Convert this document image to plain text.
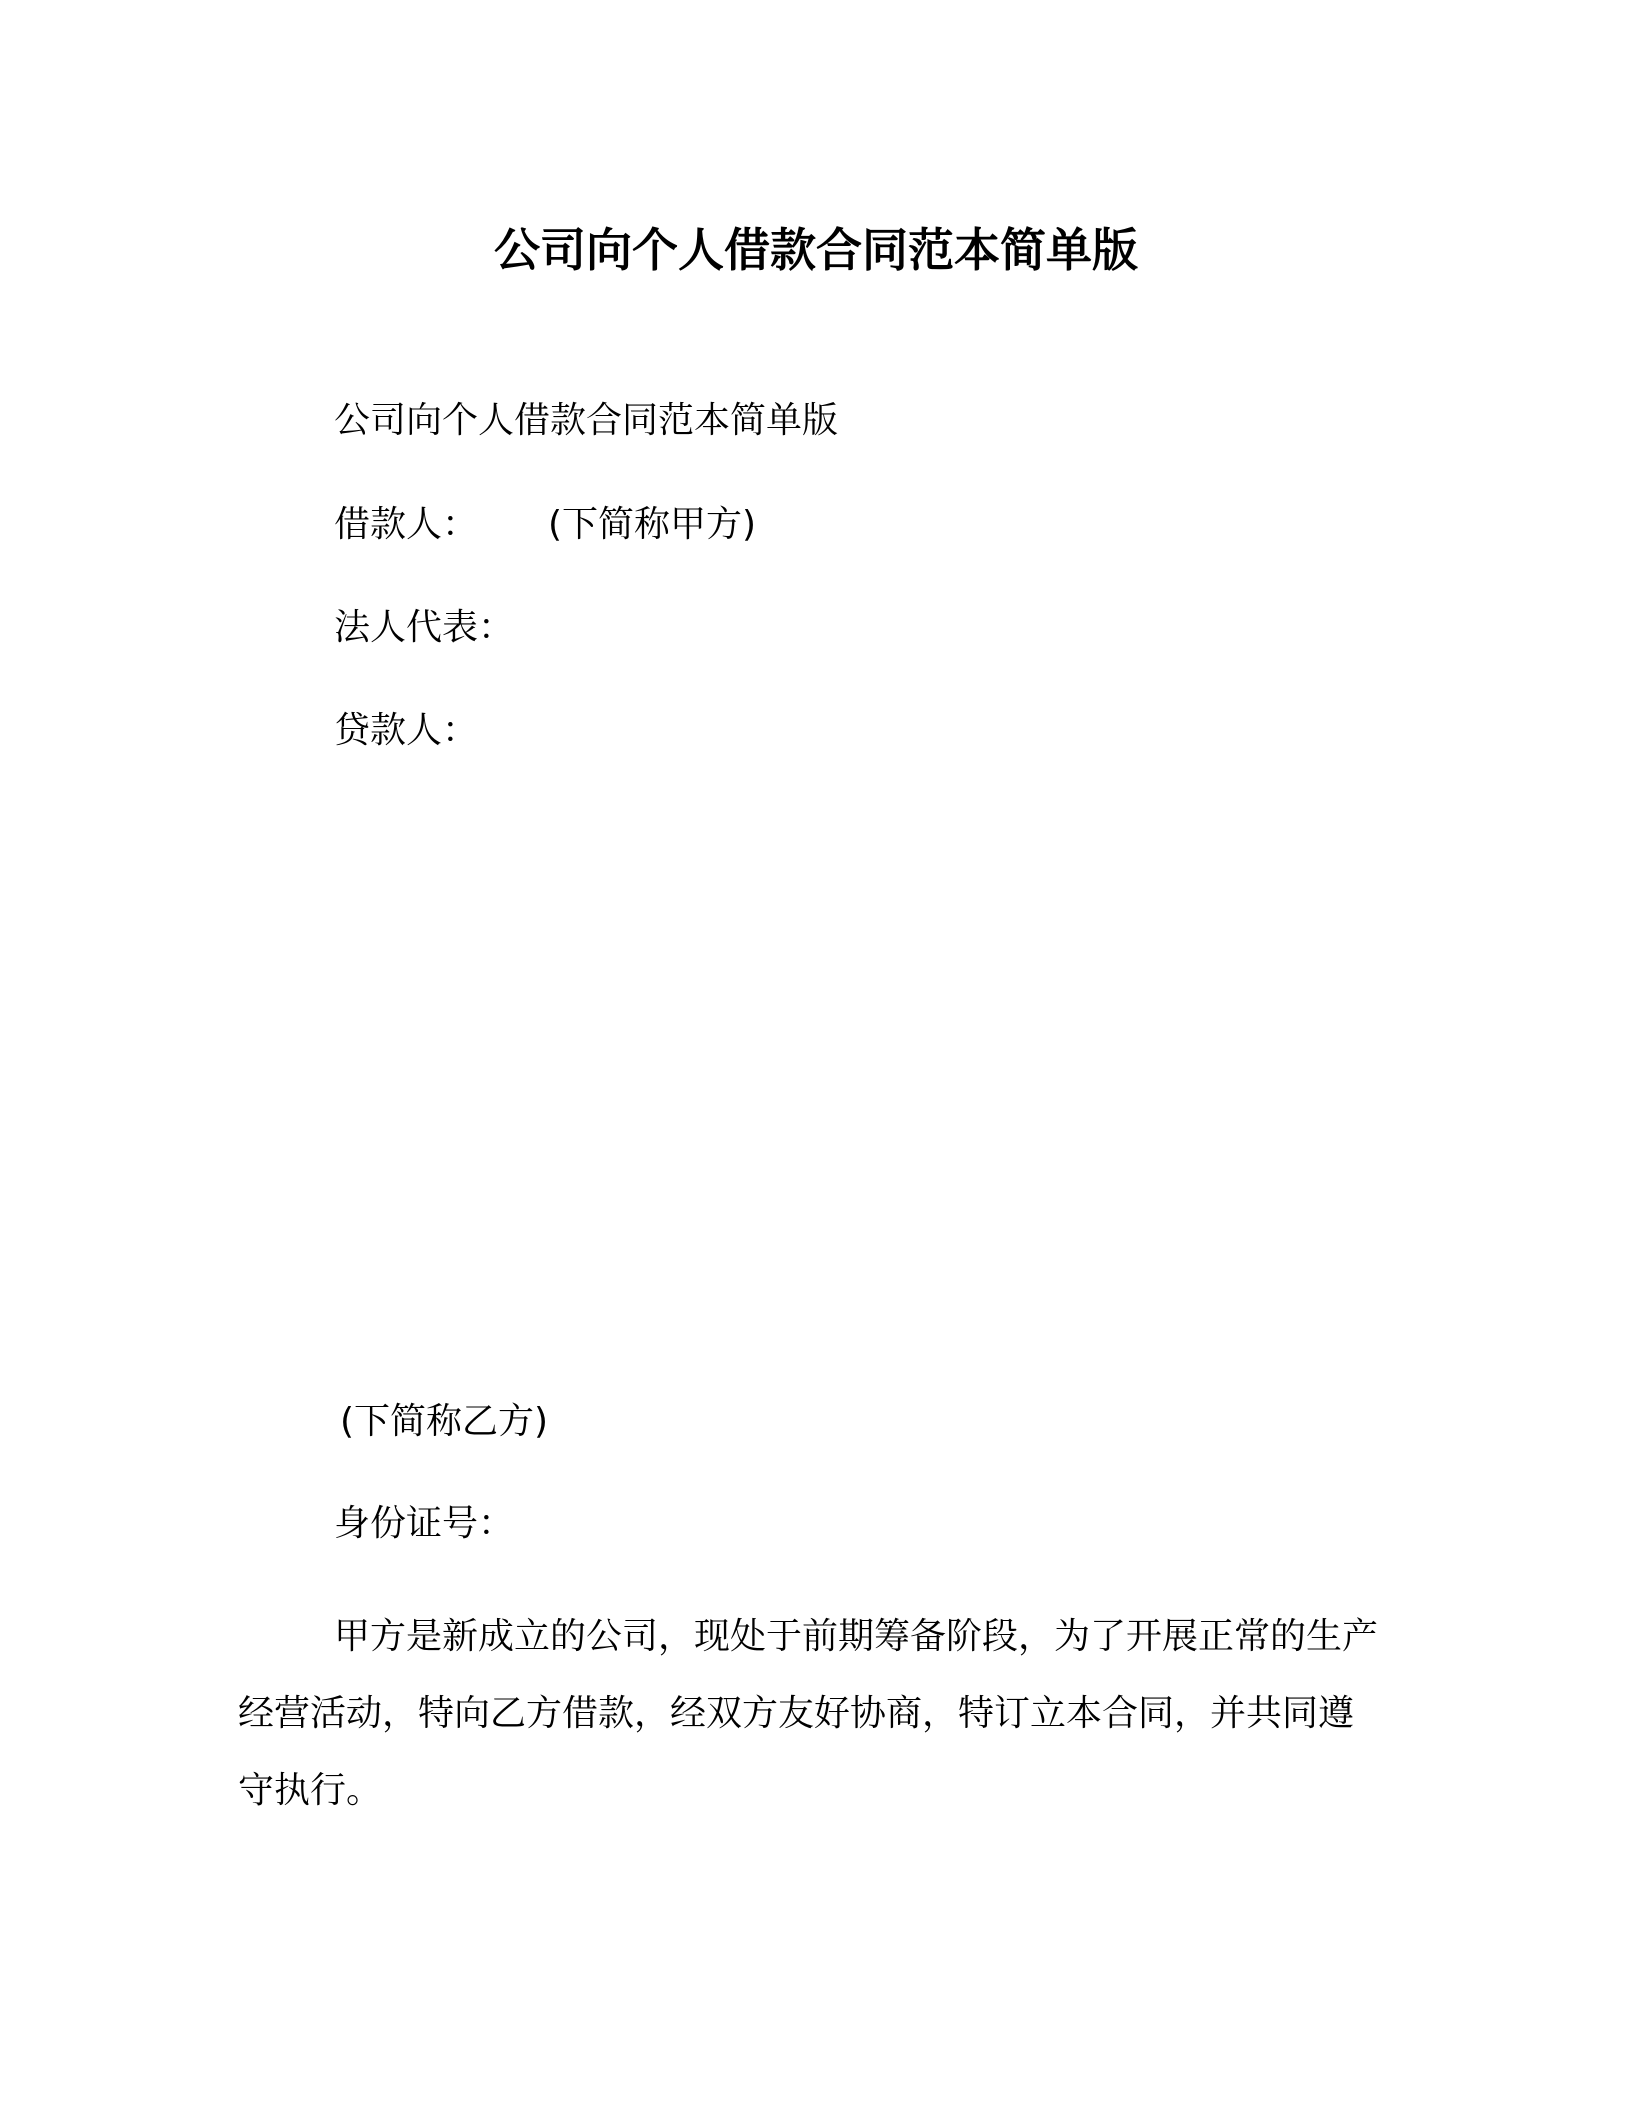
公司向个人借款合同范本简单版
公司向个人借款合同范本简单版
借款人： (下简称甲方)
法人代表：
贷款人：
(下简称乙方)
身份证号：
甲方是新成立的公司，现处于前期筹备阶段，为了开展正常的生产经营活动，特向乙方借款，经双方友好协商，特订立本合同，并共同遵守执行。
